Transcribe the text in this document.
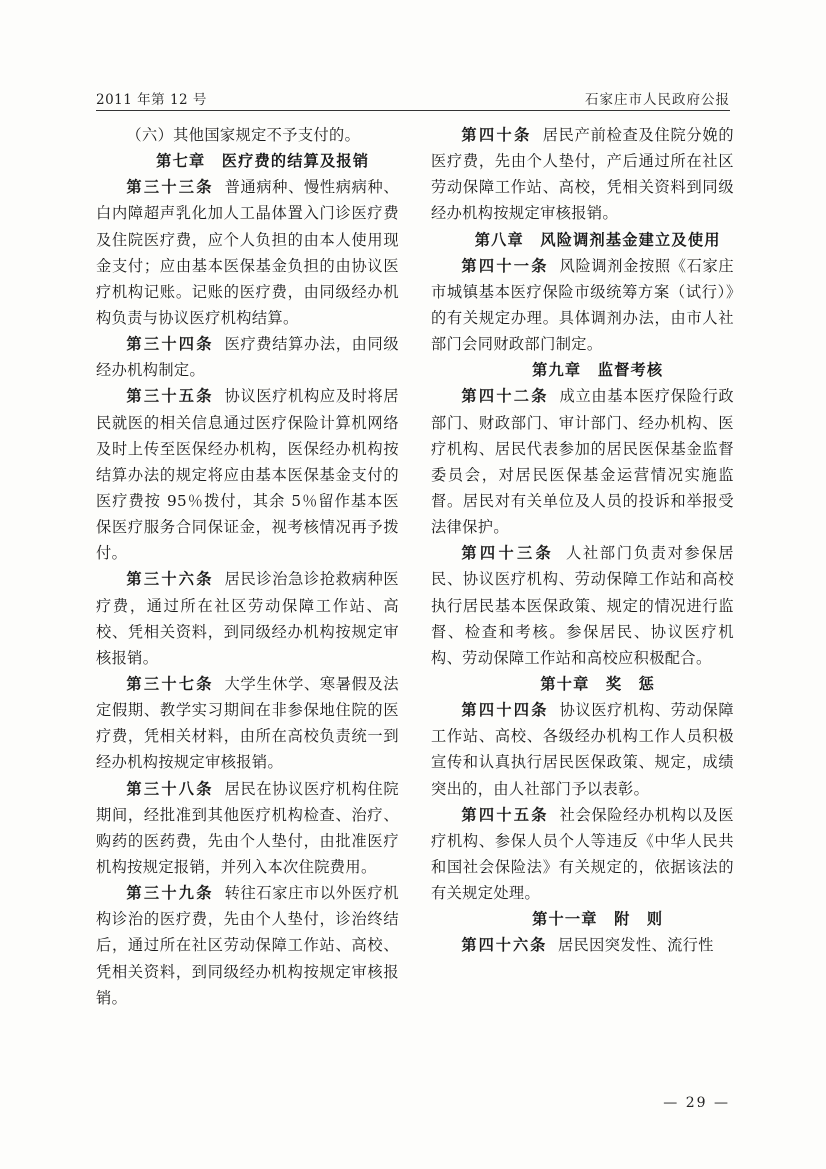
2011 年第 12 号	石家庄市人民政府公报

（六）其他国家规定不予支付的。

第七章　医疗费的结算及报销

第三十三条 普通病种、慢性病病种、白内障超声乳化加人工晶体置入门诊医疗费及住院医疗费，应个人负担的由本人使用现金支付；应由基本医保基金负担的由协议医疗机构记账。记账的医疗费，由同级经办机构负责与协议医疗机构结算。

第三十四条 医疗费结算办法，由同级经办机构制定。

第三十五条 协议医疗机构应及时将居民就医的相关信息通过医疗保险计算机网络及时上传至医保经办机构，医保经办机构按结算办法的规定将应由基本医保基金支付的医疗费按 95％拨付，其余 5％留作基本医保医疗服务合同保证金，视考核情况再予拨付。

第三十六条 居民诊治急诊抢救病种医疗费，通过所在社区劳动保障工作站、高校、凭相关资料，到同级经办机构按规定审核报销。

第三十七条 大学生休学、寒暑假及法定假期、教学实习期间在非参保地住院的医疗费，凭相关材料，由所在高校负责统一到经办机构按规定审核报销。

第三十八条 居民在协议医疗机构住院期间，经批准到其他医疗机构检查、治疗、购药的医药费，先由个人垫付，由批准医疗机构按规定报销，并列入本次住院费用。

第三十九条 转往石家庄市以外医疗机构诊治的医疗费，先由个人垫付，诊治终结后，通过所在社区劳动保障工作站、高校、凭相关资料，到同级经办机构按规定审核报销。

第四十条 居民产前检查及住院分娩的医疗费，先由个人垫付，产后通过所在社区劳动保障工作站、高校，凭相关资料到同级经办机构按规定审核报销。

第八章　风险调剂基金建立及使用

第四十一条 风险调剂金按照《石家庄市城镇基本医疗保险市级统筹方案（试行）》的有关规定办理。具体调剂办法，由市人社部门会同财政部门制定。

第九章　监督考核

第四十二条 成立由基本医疗保险行政部门、财政部门、审计部门、经办机构、医疗机构、居民代表参加的居民医保基金监督委员会，对居民医保基金运营情况实施监督。居民对有关单位及人员的投诉和举报受法律保护。

第四十三条 人社部门负责对参保居民、协议医疗机构、劳动保障工作站和高校执行居民基本医保政策、规定的情况进行监督、检查和考核。参保居民、协议医疗机构、劳动保障工作站和高校应积极配合。

第十章　奖　惩

第四十四条 协议医疗机构、劳动保障工作站、高校、各级经办机构工作人员积极宣传和认真执行居民医保政策、规定，成绩突出的，由人社部门予以表彰。

第四十五条 社会保险经办机构以及医疗机构、参保人员个人等违反《中华人民共和国社会保险法》有关规定的，依据该法的有关规定处理。

第十一章　附　则

第四十六条 居民因突发性、流行性

— 29 —
